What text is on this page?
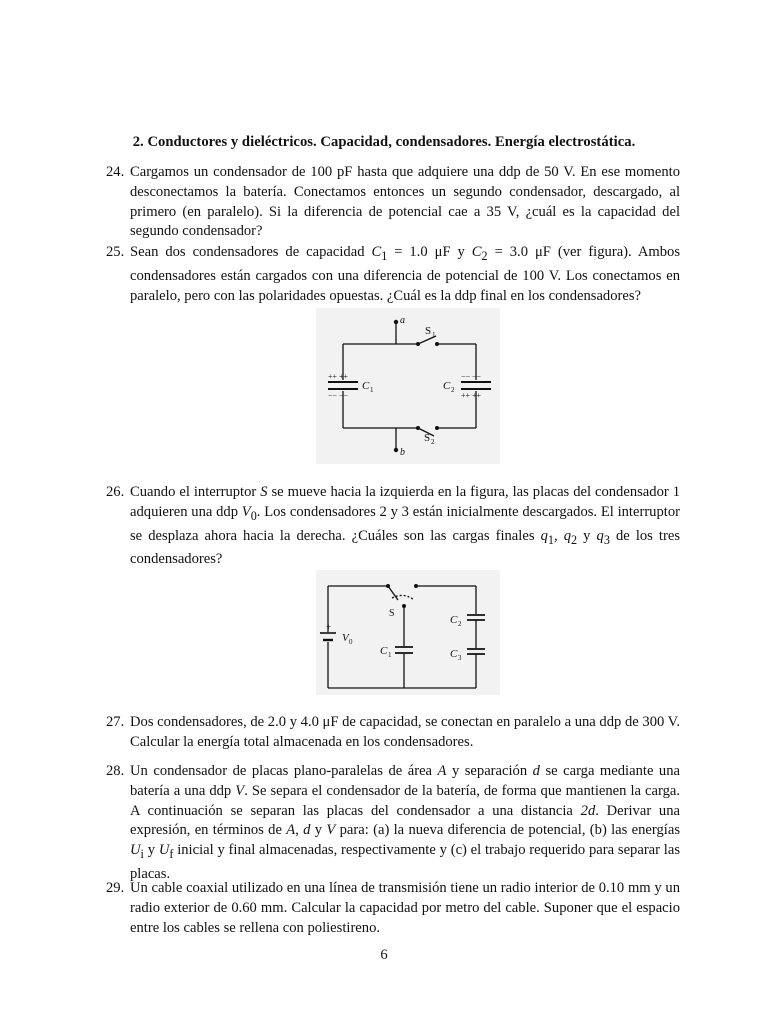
2. Conductores y dieléctricos. Capacidad, condensadores. Energía electrostática.
24. Cargamos un condensador de 100 pF hasta que adquiere una ddp de 50 V. En ese momento desconectamos la batería. Conectamos entonces un segundo condensador, descargado, al primero (en paralelo). Si la diferencia de potencial cae a 35 V, ¿cuál es la capacidad del segundo condensador?
25. Sean dos condensadores de capacidad $C_1 = 1.0$ μF y $C_2 = 3.0$ μF (ver figura). Ambos condensadores están cargados con una diferencia de potencial de 100 V. Los conectamos en paralelo, pero con las polaridades opuestas. ¿Cuál es la ddp final en los condensadores?
a
b
S 1
S 2
C 1	C 2
++ ++
−− −−
−− −−
++ ++
26. Cuando el interruptor S se mueve hacia la izquierda en la figura, las placas del condensador 1 adquieren una ddp $V_0$. Los condensadores 2 y 3 están inicialmente descargados. El interruptor se desplaza ahora hacia la derecha. ¿Cuáles son las cargas finales $q_1$, $q_2$ y $q_3$ de los tres condensadores?
S
+
V 0
C 1
C 2
C 3
27. Dos condensadores, de 2.0 y 4.0 μF de capacidad, se conectan en paralelo a una ddp de 300 V. Calcular la energía total almacenada en los condensadores.
28. Un condensador de placas plano-paralelas de área A y separación d se carga mediante una batería a una ddp V. Se separa el condensador de la batería, de forma que mantienen la carga. A continuación se separan las placas del condensador a una distancia 2d. Derivar una expresión, en términos de A, d y V para: (a) la nueva diferencia de potencial, (b) las energías $U_i$ y $U_f$ inicial y final almacenadas, respectivamente y (c) el trabajo requerido para separar las placas.
29. Un cable coaxial utilizado en una línea de transmisión tiene un radio interior de 0.10 mm y un radio exterior de 0.60 mm. Calcular la capacidad por metro del cable. Suponer que el espacio entre los cables se rellena con poliestireno.
6
